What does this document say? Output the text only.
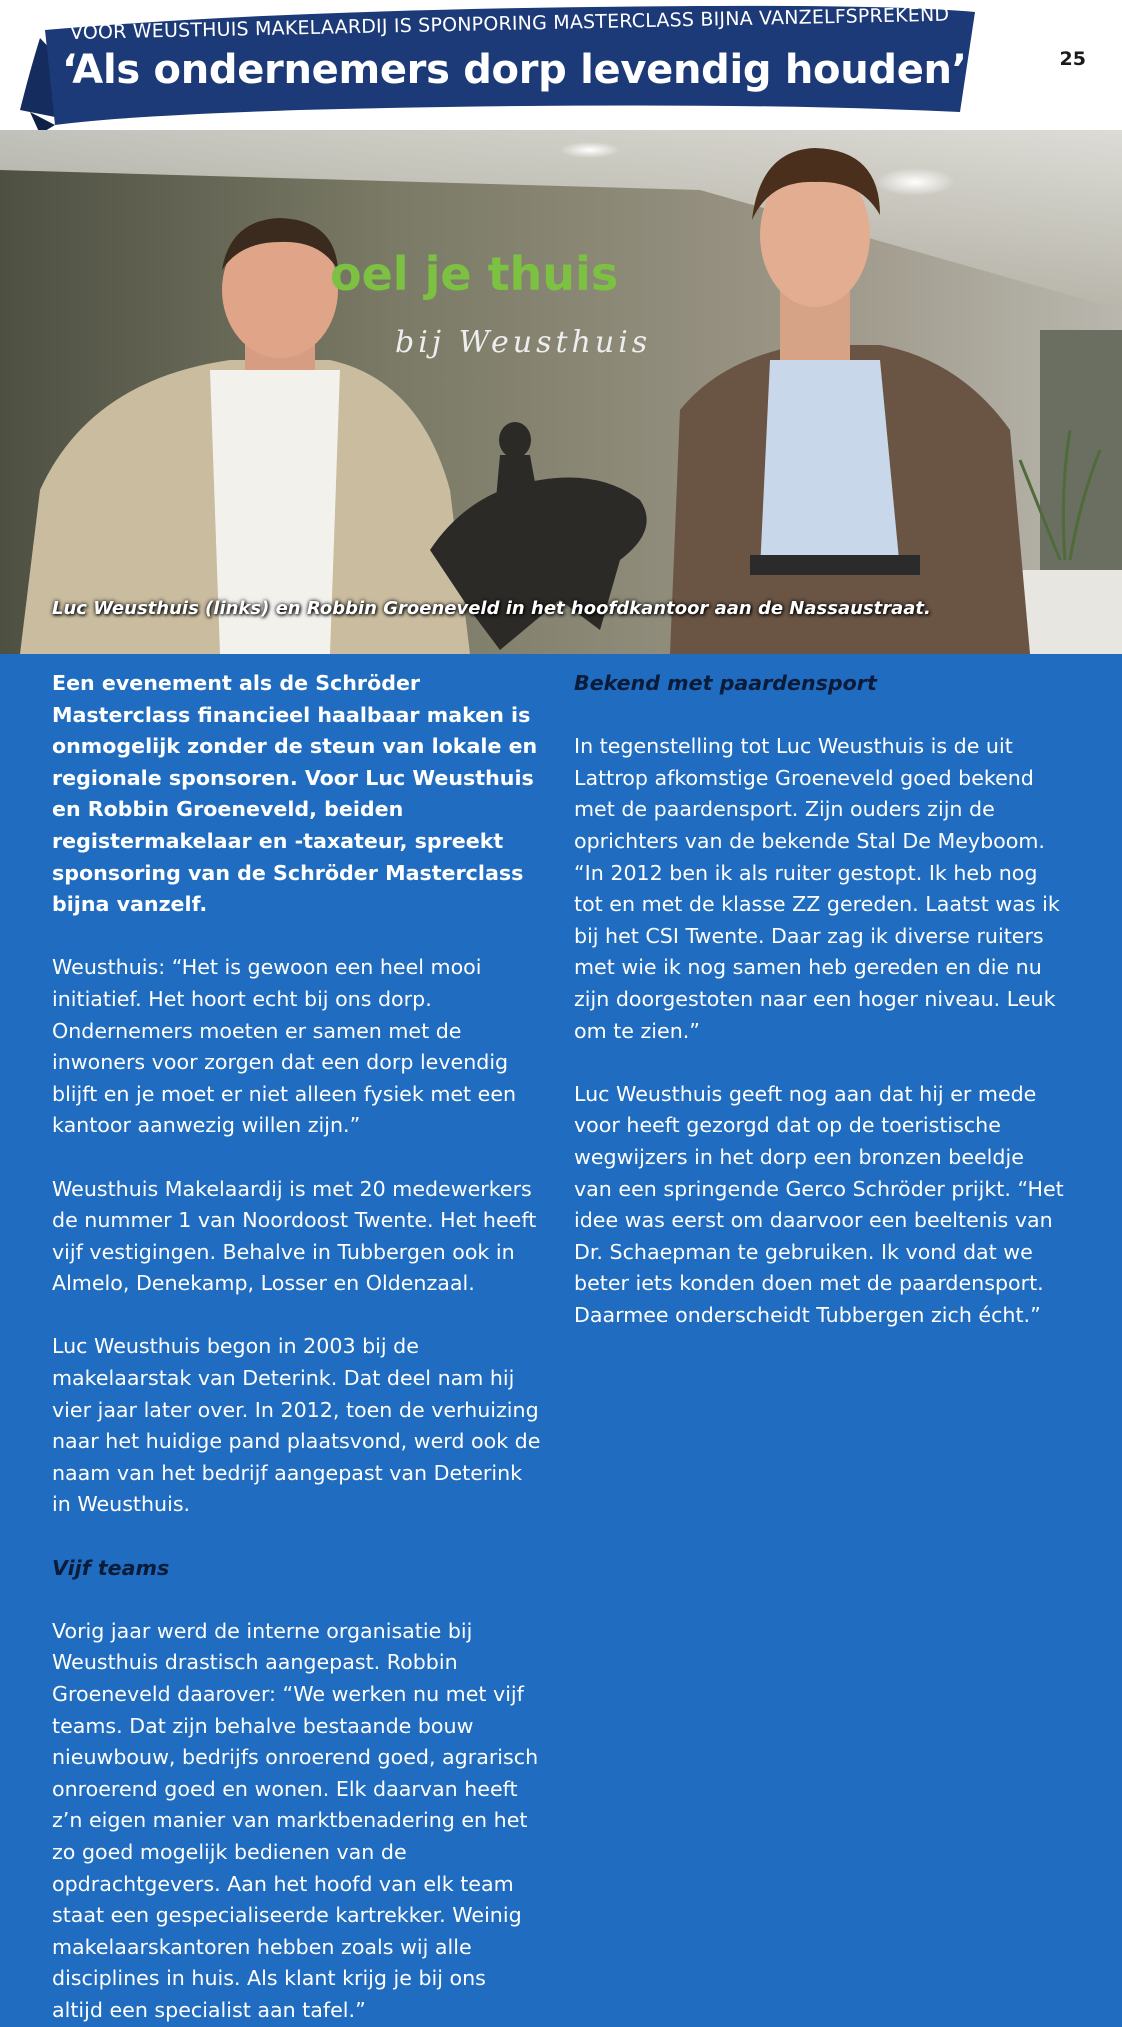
VOOR WEUSTHUIS MAKELAARDIJ IS SPONPORING MASTERCLASS BIJNA VANZELFSPREKEND
‘Als ondernemers dorp levendig houden’	25
oel je thuis
bij Weusthuis
Luc Weusthuis (links) en Robbin Groeneveld in het hoofdkantoor aan de Nassaustraat.

Een evenement als de Schröder Masterclass financieel haalbaar maken is onmogelijk zonder de steun van lokale en regionale sponsoren. Voor Luc Weusthuis en Robbin Groeneveld, beiden registermakelaar en -taxateur, spreekt sponsoring van de Schröder Masterclass bijna vanzelf.

Weusthuis: “Het is gewoon een heel mooi initiatief. Het hoort echt bij ons dorp. Ondernemers moeten er samen met de inwoners voor zorgen dat een dorp levendig blijft en je moet er niet alleen fysiek met een kantoor aanwezig willen zijn.”

Weusthuis Makelaardij is met 20 medewerkers de nummer 1 van Noordoost Twente. Het heeft vijf vestigingen. Behalve in Tubbergen ook in Almelo, Denekamp, Losser en Oldenzaal.

Luc Weusthuis begon in 2003 bij de makelaarstak van Deterink. Dat deel nam hij vier jaar later over. In 2012, toen de verhuizing naar het huidige pand plaatsvond, werd ook de naam van het bedrijf aangepast van Deterink in Weusthuis.

Vijf teams

Vorig jaar werd de interne organisatie bij Weusthuis drastisch aangepast. Robbin Groeneveld daarover: “We werken nu met vijf teams. Dat zijn behalve bestaande bouw nieuwbouw, bedrijfs onroerend goed, agrarisch onroerend goed en wonen. Elk daarvan heeft z’n eigen manier van marktbenadering en het zo goed mogelijk bedienen van de opdrachtgevers. Aan het hoofd van elk team staat een gespecialiseerde kartrekker. Weinig makelaarskantoren hebben zoals wij alle disciplines in huis. Als klant krijg je bij ons altijd een specialist aan tafel.”

Bekend met paardensport

In tegenstelling tot Luc Weusthuis is de uit Lattrop afkomstige Groeneveld goed bekend met de paardensport. Zijn ouders zijn de oprichters van de bekende Stal De Meyboom. “In 2012 ben ik als ruiter gestopt. Ik heb nog tot en met de klasse ZZ gereden. Laatst was ik bij het CSI Twente. Daar zag ik diverse ruiters met wie ik nog samen heb gereden en die nu zijn doorgestoten naar een hoger niveau. Leuk om te zien.”

Luc Weusthuis geeft nog aan dat hij er mede voor heeft gezorgd dat op de toeristische wegwijzers in het dorp een bronzen beeldje van een springende Gerco Schröder prijkt. “Het idee was eerst om daarvoor een beeltenis van Dr. Schaepman te gebruiken. Ik vond dat we beter iets konden doen met de paardensport. Daarmee onderscheidt Tubbergen zich écht.”
